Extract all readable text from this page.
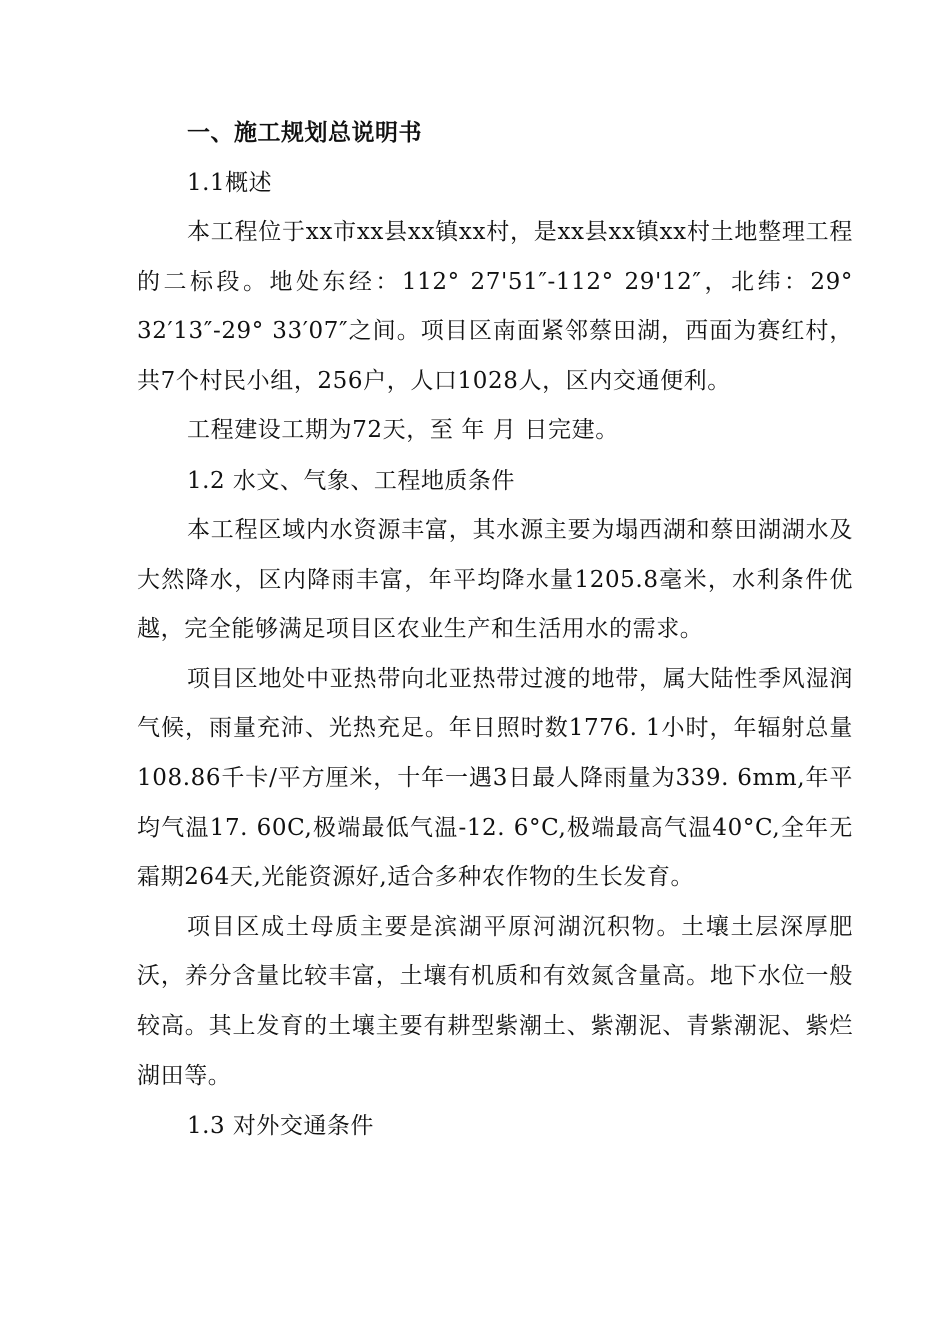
一、施工规划总说明书
1.1概述

本工程位于xx市xx县xx镇xx村，是xx县xx镇xx村土地整理工程的二标段。地处东经：112° 27'51″-112° 29'12″，北纬：29° 32′13″-29° 33′07″之间。项目区南面紧邻蔡田湖，西面为赛红村，共7个村民小组，256户，人口1028人，区内交通便利。

工程建设工期为72天，至 年 月 日完建。

1.2 水文、气象、工程地质条件

本工程区域内水资源丰富，其水源主要为塌西湖和蔡田湖湖水及大然降水，区内降雨丰富，年平均降水量1205.8毫米，水利条件优越，完全能够满足项目区农业生产和生活用水的需求。

项目区地处中亚热带向北亚热带过渡的地带，属大陆性季风湿润气候，雨量充沛、光热充足。年日照时数1776. 1小时，年辐射总量108.86千卡/平方厘米，十年一遇3日最人降雨量为339. 6mm,年平均气温17. 60C,极端最低气温-12. 6°C,极端最高气温40°C,全年无霜期264天,光能资源好,适合多种农作物的生长发育。

项目区成土母质主要是滨湖平原河湖沉积物。土壤土层深厚肥沃，养分含量比较丰富，土壤有机质和有效氮含量高。地下水位一般较高。其上发育的土壤主要有耕型紫潮土、紫潮泥、青紫潮泥、紫烂湖田等。

1.3 对外交通条件
